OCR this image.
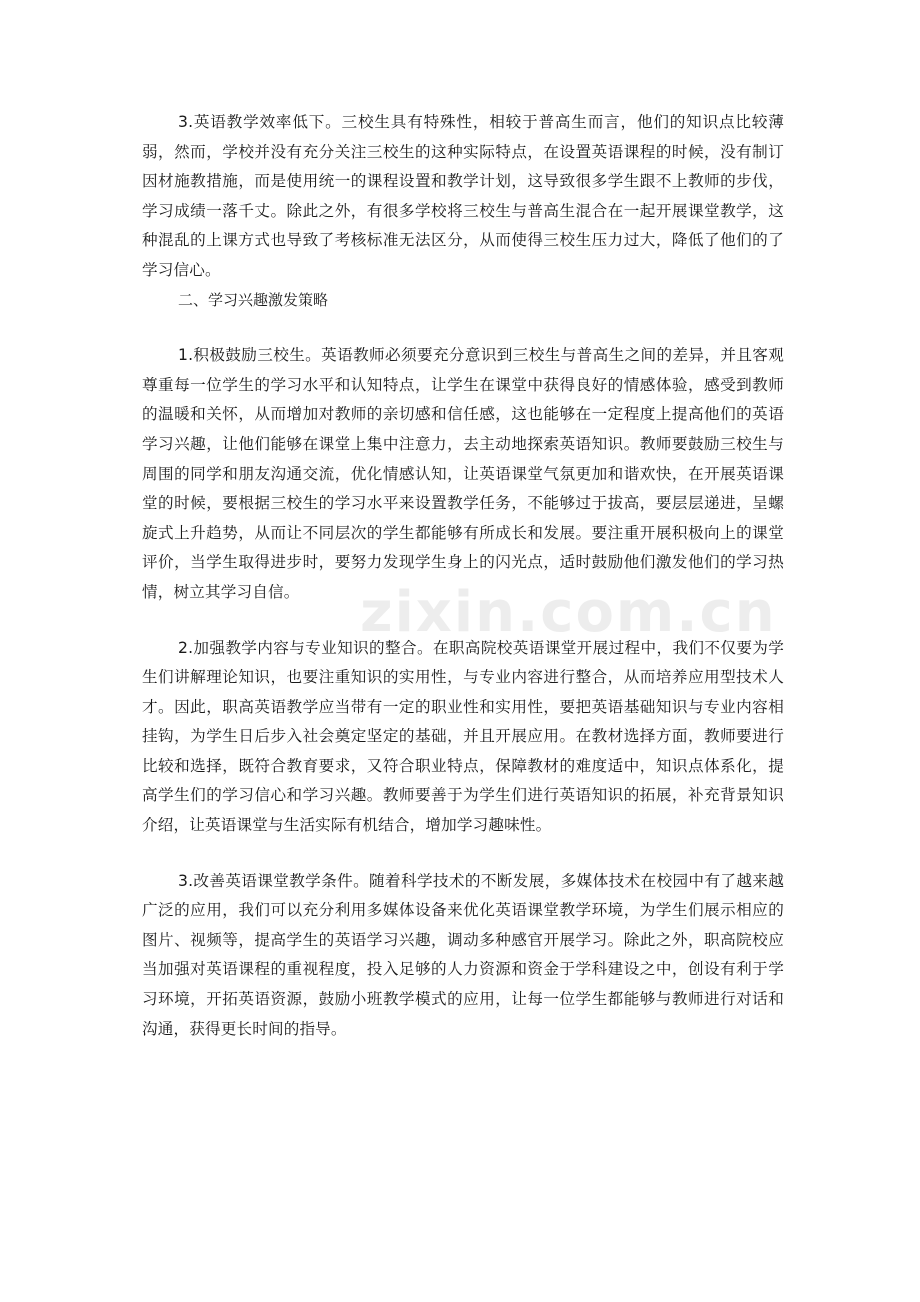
zixin.com.cn

3.英语教学效率低下。三校生具有特殊性，相较于普高生而言，他们的知识点比较薄弱，然而，学校并没有充分关注三校生的这种实际特点，在设置英语课程的时候，没有制订因材施教措施，而是使用统一的课程设置和教学计划，这导致很多学生跟不上教师的步伐，学习成绩一落千丈。除此之外，有很多学校将三校生与普高生混合在一起开展课堂教学，这种混乱的上课方式也导致了考核标准无法区分，从而使得三校生压力过大，降低了他们的了学习信心。

二、学习兴趣激发策略

1.积极鼓励三校生。英语教师必须要充分意识到三校生与普高生之间的差异，并且客观尊重每一位学生的学习水平和认知特点，让学生在课堂中获得良好的情感体验，感受到教师的温暖和关怀，从而增加对教师的亲切感和信任感，这也能够在一定程度上提高他们的英语学习兴趣，让他们能够在课堂上集中注意力，去主动地探索英语知识。教师要鼓励三校生与周围的同学和朋友沟通交流，优化情感认知，让英语课堂气氛更加和谐欢快，在开展英语课堂的时候，要根据三校生的学习水平来设置教学任务，不能够过于拔高，要层层递进，呈螺旋式上升趋势，从而让不同层次的学生都能够有所成长和发展。要注重开展积极向上的课堂评价，当学生取得进步时，要努力发现学生身上的闪光点，适时鼓励他们激发他们的学习热情，树立其学习自信。

2.加强教学内容与专业知识的整合。在职高院校英语课堂开展过程中，我们不仅要为学生们讲解理论知识，也要注重知识的实用性，与专业内容进行整合，从而培养应用型技术人才。因此，职高英语教学应当带有一定的职业性和实用性，要把英语基础知识与专业内容相挂钩，为学生日后步入社会奠定坚定的基础，并且开展应用。在教材选择方面，教师要进行比较和选择，既符合教育要求，又符合职业特点，保障教材的难度适中，知识点体系化，提高学生们的学习信心和学习兴趣。教师要善于为学生们进行英语知识的拓展，补充背景知识介绍，让英语课堂与生活实际有机结合，增加学习趣味性。

3.改善英语课堂教学条件。随着科学技术的不断发展，多媒体技术在校园中有了越来越广泛的应用，我们可以充分利用多媒体设备来优化英语课堂教学环境，为学生们展示相应的图片、视频等，提高学生的英语学习兴趣，调动多种感官开展学习。除此之外，职高院校应当加强对英语课程的重视程度，投入足够的人力资源和资金于学科建设之中，创设有利于学习环境，开拓英语资源，鼓励小班教学模式的应用，让每一位学生都能够与教师进行对话和沟通，获得更长时间的指导。
